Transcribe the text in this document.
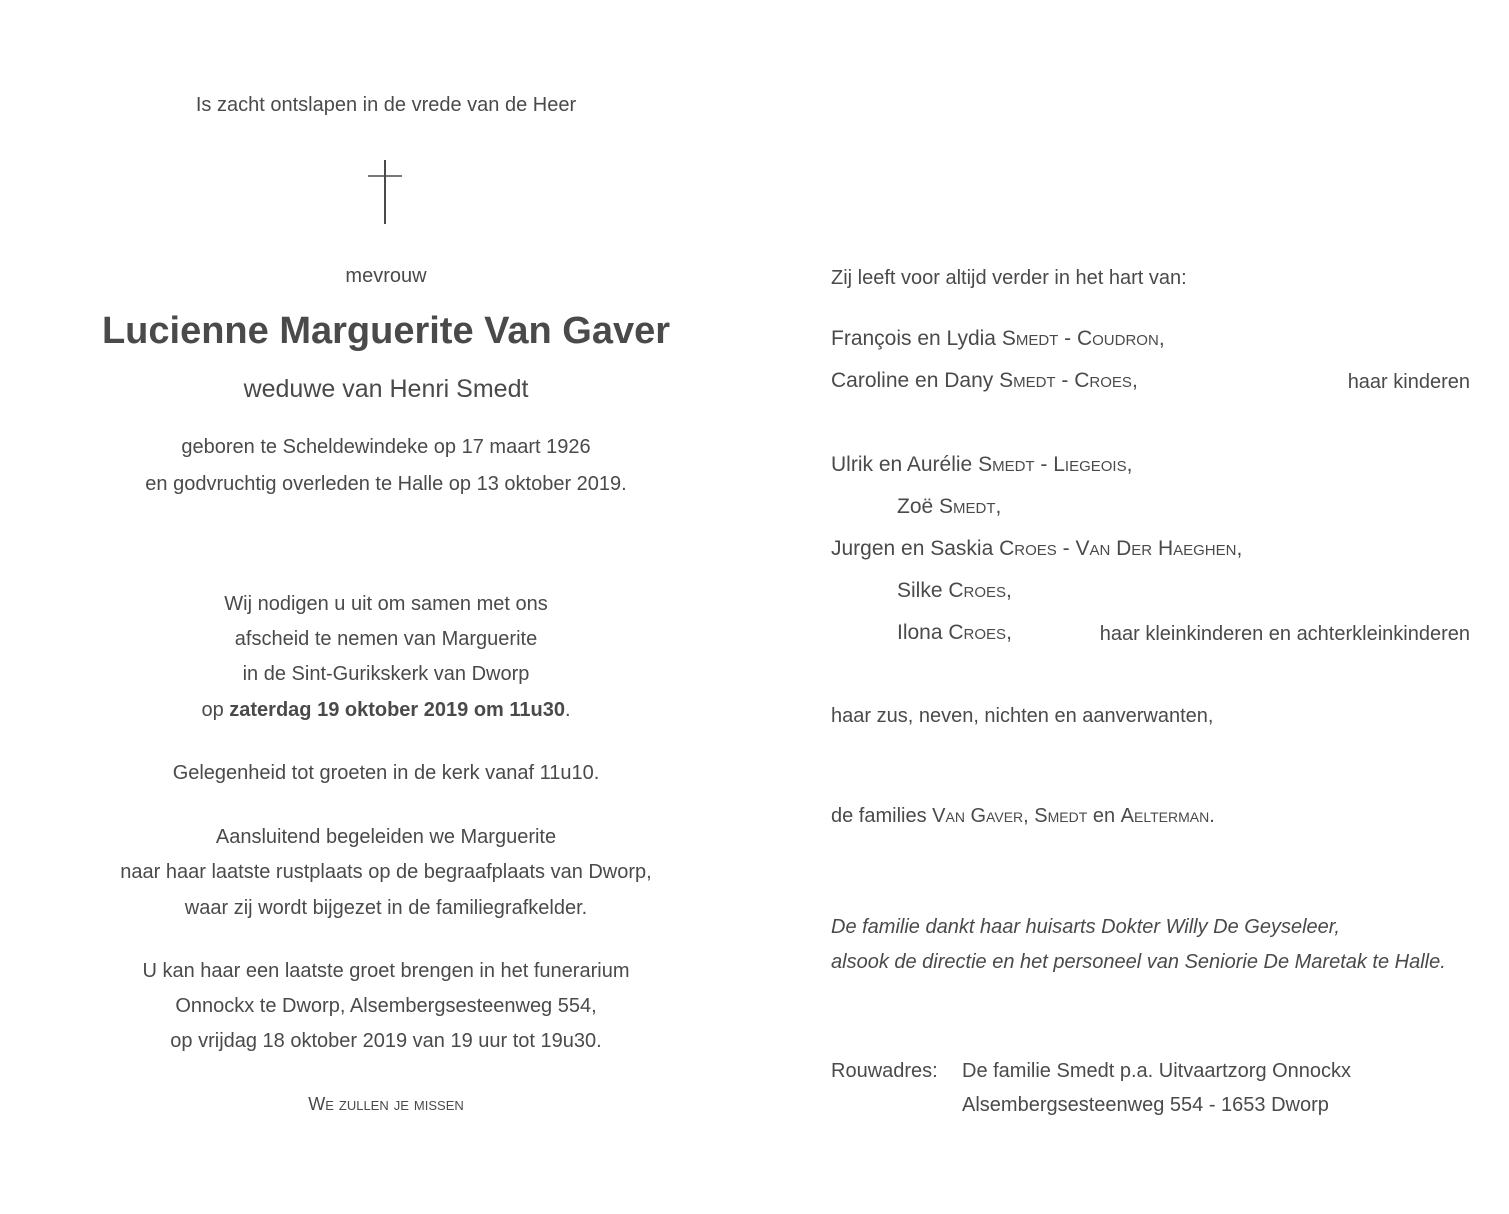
Is zacht ontslapen in de vrede van de Heer
mevrouw
Lucienne Marguerite Van Gaver
weduwe van Henri Smedt
geboren te Scheldewindeke op 17 maart 1926
en godvruchtig overleden te Halle op 13 oktober 2019.
Wij nodigen u uit om samen met ons
afscheid te nemen van Marguerite
in de Sint-Gurikskerk van Dworp
op zaterdag 19 oktober 2019 om 11u30.
Gelegenheid tot groeten in de kerk vanaf 11u10.
Aansluitend begeleiden we Marguerite
naar haar laatste rustplaats op de begraafplaats van Dworp,
waar zij wordt bijgezet in de familiegrafkelder.
U kan haar een laatste groet brengen in het funerarium
Onnockx te Dworp, Alsembergsesteenweg 554,
op vrijdag 18 oktober 2019 van 19 uur tot 19u30.
We zullen je missen
Zij leeft voor altijd verder in het hart van:
François en Lydia Smedt - Coudron,
Caroline en Dany Smedt - Croes,	haar kinderen
Ulrik en Aurélie Smedt - Liegeois,
Zoë Smedt,
Jurgen en Saskia Croes - Van Der Haeghen,
Silke Croes,
Ilona Croes,	haar kleinkinderen en achterkleinkinderen
haar zus, neven, nichten en aanverwanten,
de families Van Gaver, Smedt en Aelterman.
De familie dankt haar huisarts Dokter Willy De Geyseleer,
alsook de directie en het personeel van Seniorie De Maretak te Halle.
Rouwadres: De familie Smedt p.a. Uitvaartzorg Onnockx
Alsembergsesteenweg 554 - 1653 Dworp
